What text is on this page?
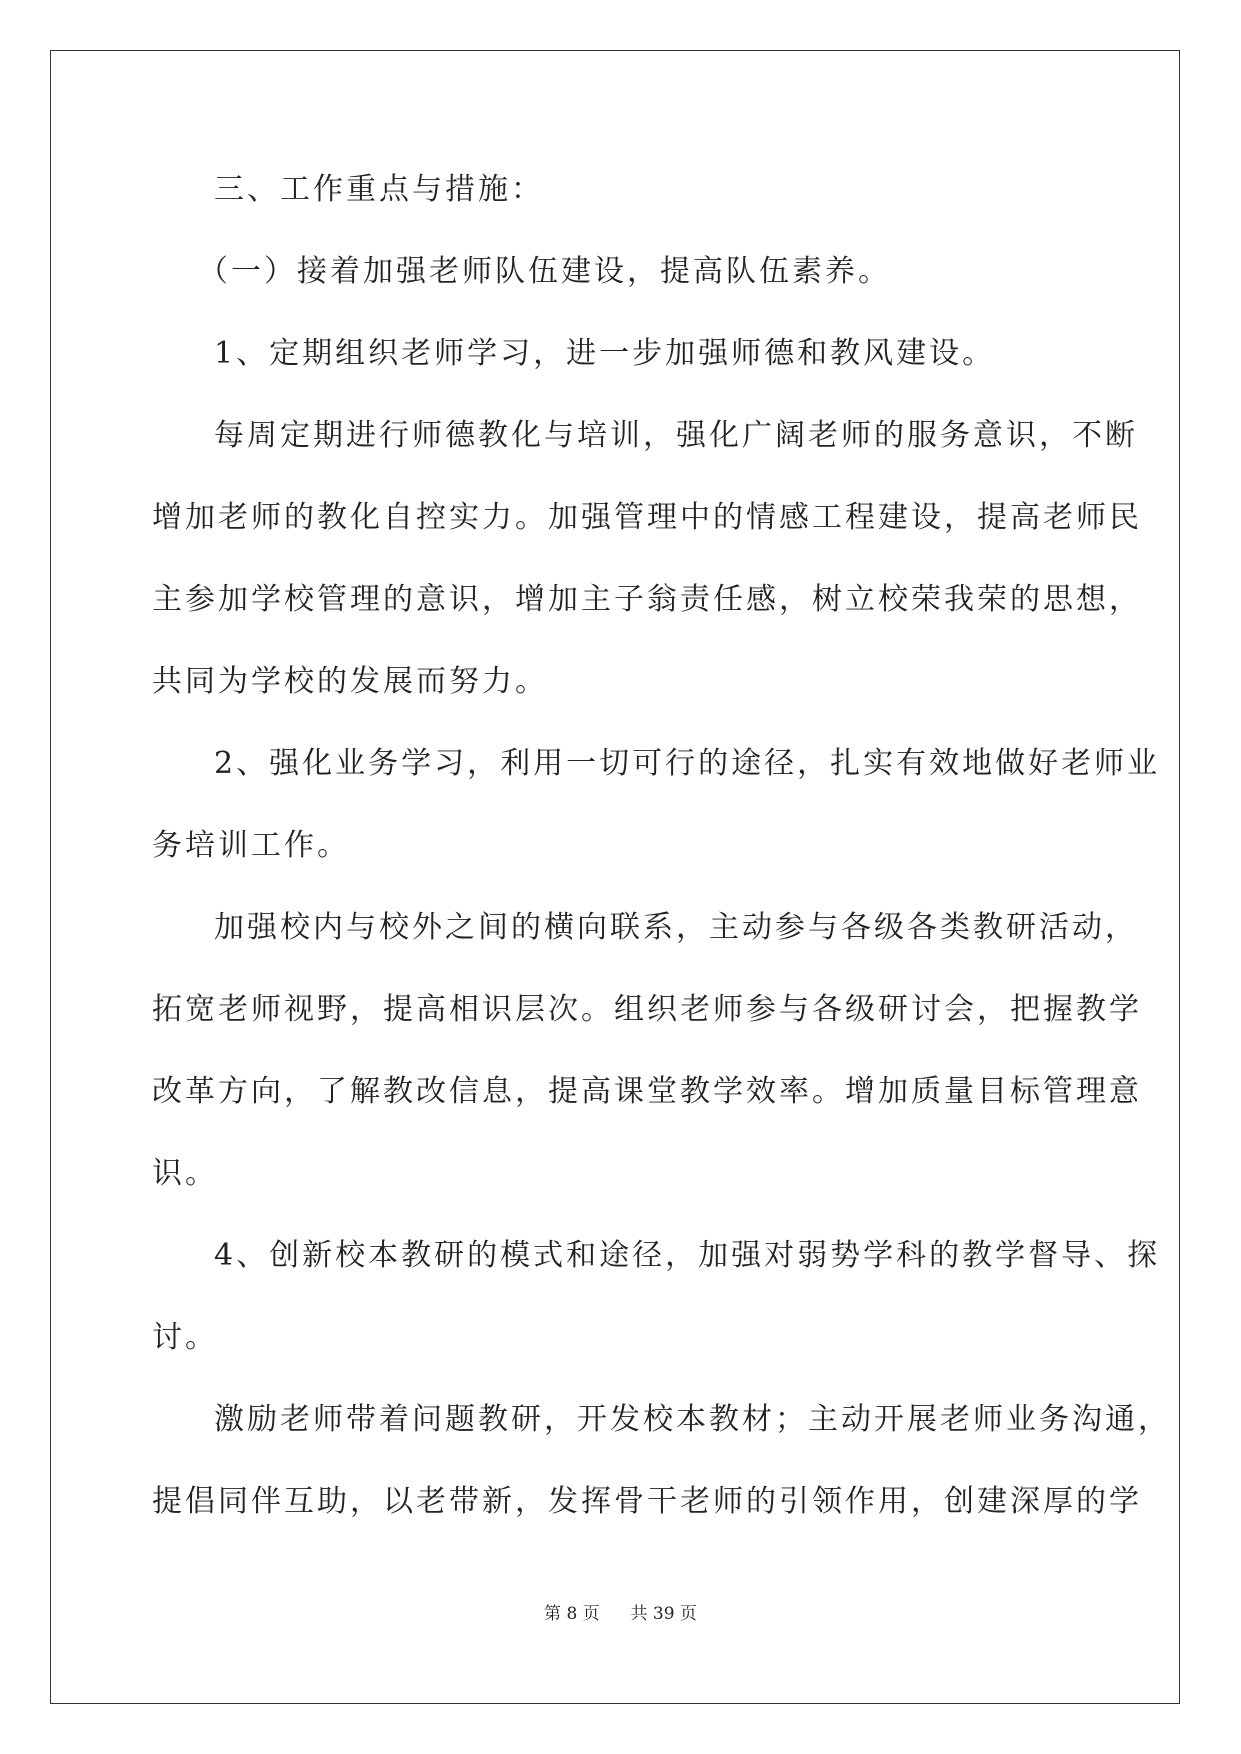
三、工作重点与措施：
（一）接着加强老师队伍建设，提高队伍素养。
1、定期组织老师学习，进一步加强师德和教风建设。
每周定期进行师德教化与培训，强化广阔老师的服务意识，不断
增加老师的教化自控实力。加强管理中的情感工程建设，提高老师民
主参加学校管理的意识，增加主子翁责任感，树立校荣我荣的思想，
共同为学校的发展而努力。
2、强化业务学习，利用一切可行的途径，扎实有效地做好老师业
务培训工作。
加强校内与校外之间的横向联系，主动参与各级各类教研活动，
拓宽老师视野，提高相识层次。组织老师参与各级研讨会，把握教学
改革方向，了解教改信息，提高课堂教学效率。增加质量目标管理意
识。
4、创新校本教研的模式和途径，加强对弱势学科的教学督导、探
讨。
激励老师带着问题教研，开发校本教材；主动开展老师业务沟通，
提倡同伴互助，以老带新，发挥骨干老师的引领作用，创建深厚的学
第 8 页 共 39 页
